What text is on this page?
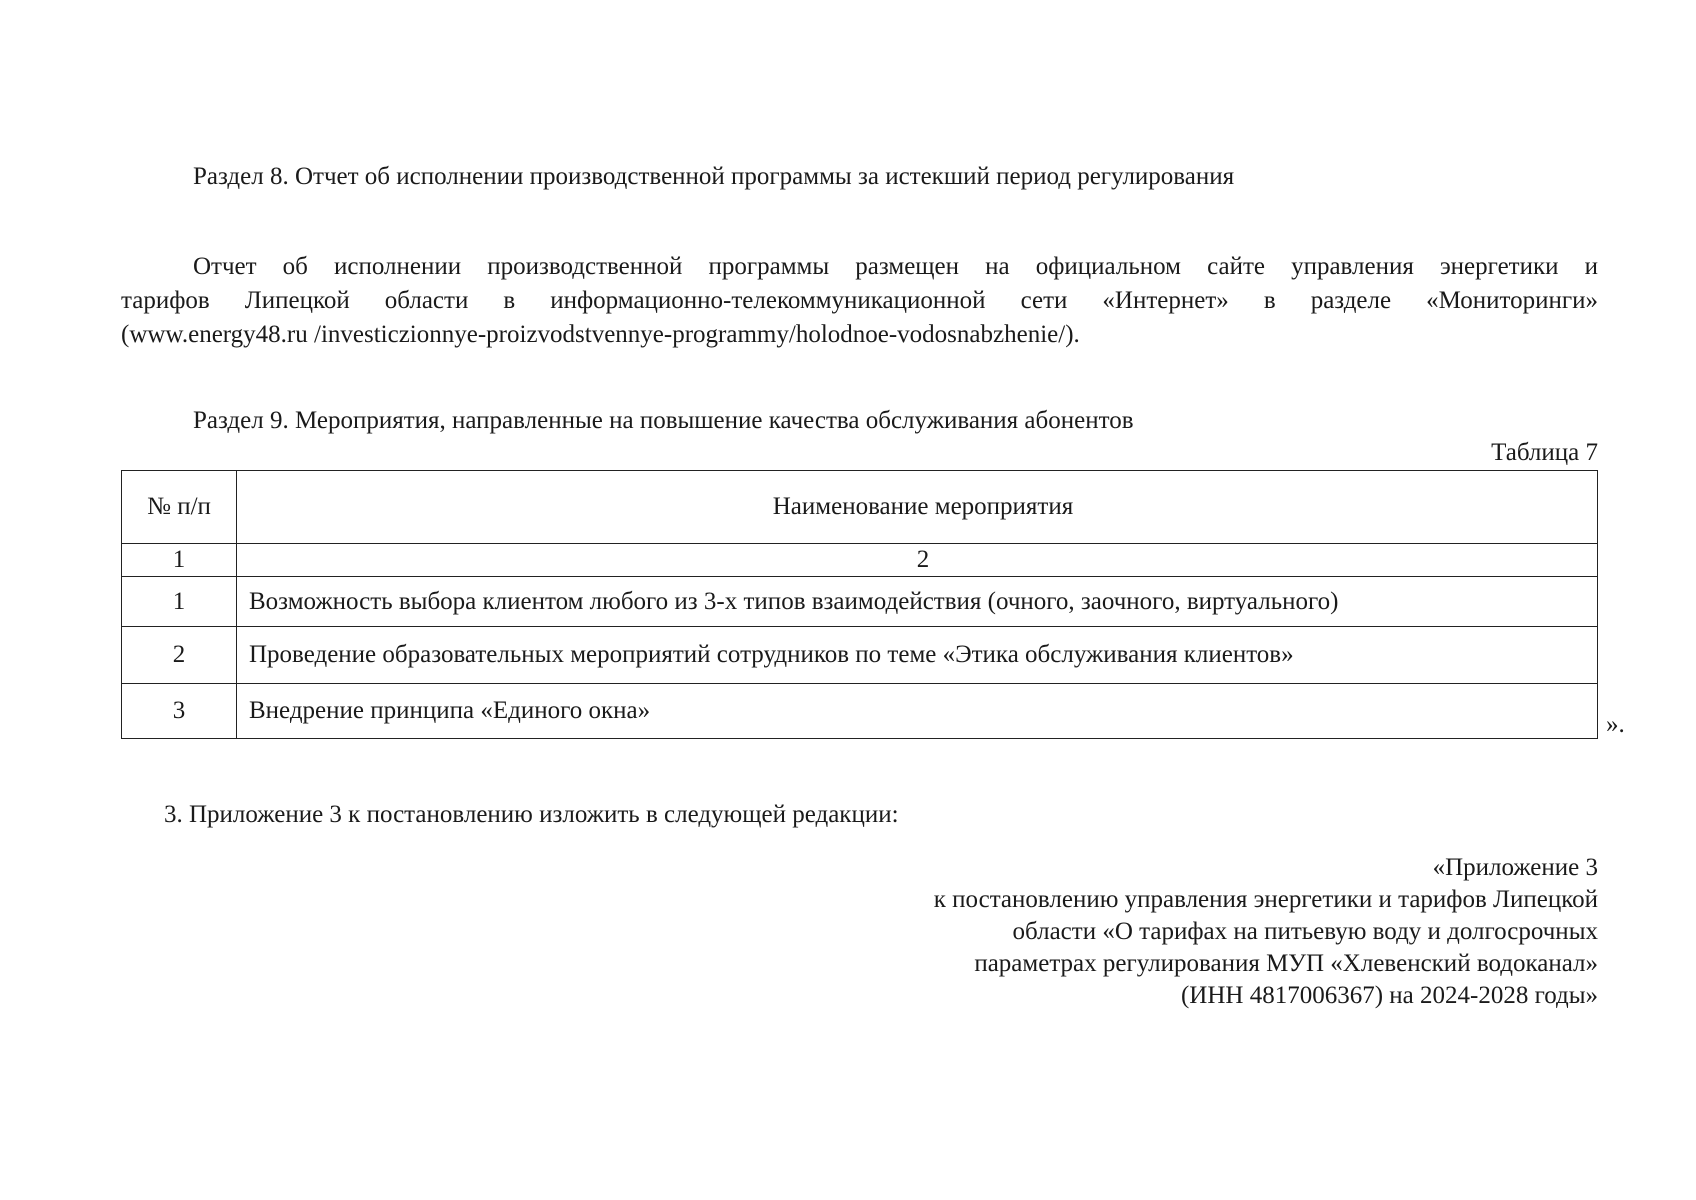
Раздел 8. Отчет об исполнении производственной программы за истекший период регулирования
Отчет об исполнении производственной программы размещен на официальном сайте управления энергетики и
тарифов Липецкой области в информационно-телекоммуникационной сети «Интернет» в разделе «Мониторинги»
(www.energy48.ru /investiczionnye-proizvodstvennye-programmy/holodnoe-vodosnabzhenie/).
Раздел 9. Мероприятия, направленные на повышение качества обслуживания абонентов
Таблица 7
№ п/п	Наименование мероприятия
1	2
1	Возможность выбора клиентом любого из 3-х типов взаимодействия (очного, заочного, виртуального)
2	Проведение образовательных мероприятий сотрудников по теме «Этика обслуживания клиентов»
3	Внедрение принципа «Единого окна»
».
3. Приложение 3 к постановлению изложить в следующей редакции:
«Приложение 3
к постановлению управления энергетики и тарифов Липецкой
области «О тарифах на питьевую воду и долгосрочных
параметрах регулирования МУП «Хлевенский водоканал»
(ИНН 4817006367) на 2024-2028 годы»
